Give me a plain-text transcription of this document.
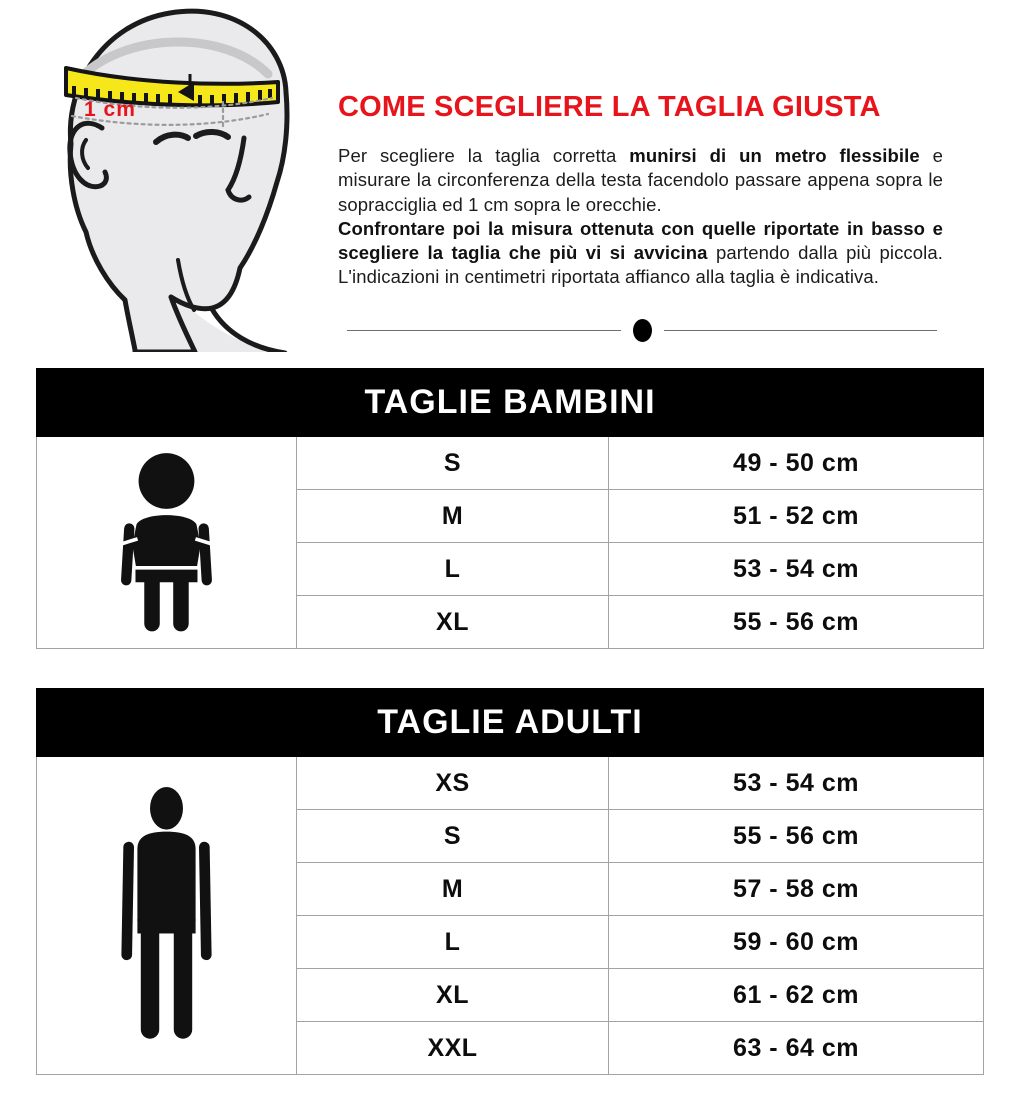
1 cm	COME SCEGLIERE LA TAGLIA GIUSTA

Per scegliere la taglia corretta munirsi di un metro flessibile e misurare la circonferenza della testa facendolo passare appena sopra le sopracciglia ed 1 cm sopra le orecchie.

Confrontare poi la misura ottenuta con quelle riportate in basso e scegliere la taglia che più vi si avvicina partendo dalla più piccola. L'indicazioni in centimetri riportata affianco alla taglia è indicativa.

TAGLIE BAMBINI		

	S	49 - 50 cm
	M	51 - 52 cm
	L	53 - 54 cm
	XL	55 - 56 cm
TAGLIE ADULTI		

	XS	53 - 54 cm
	S	55 - 56 cm
	M	57 - 58 cm
	L	59 - 60 cm
	XL	61 - 62 cm
	XXL	63 - 64 cm
